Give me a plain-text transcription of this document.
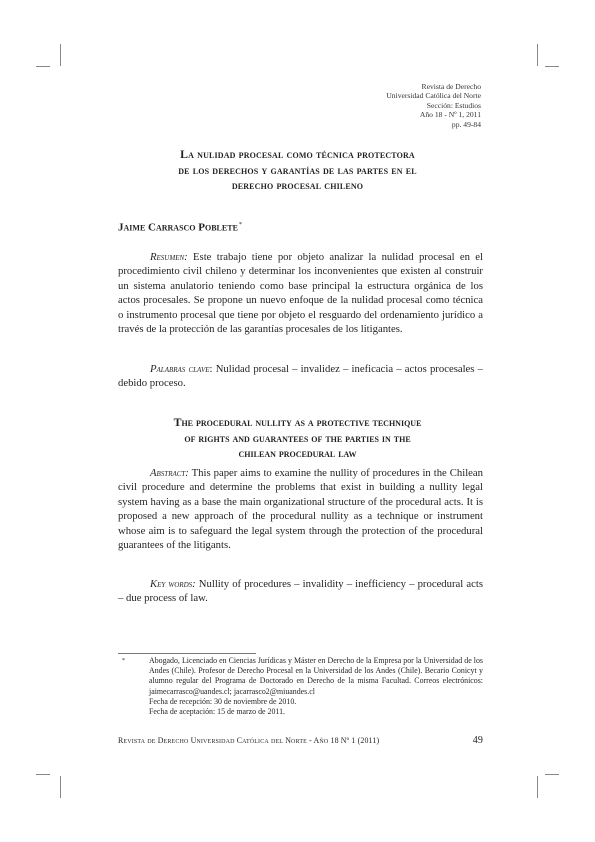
Revista de Derecho
Universidad Católica del Norte
Sección: Estudios
Año 18 - Nº 1, 2011
pp. 49-84
La nulidad procesal como técnica protectora
de los derechos y garantías de las partes en el
derecho procesal chileno
Jaime Carrasco Poblete*
Resumen: Este trabajo tiene por objeto analizar la nulidad procesal en el procedimiento civil chileno y determinar los inconvenientes que existen al construir un sistema anulatorio teniendo como base principal la estructura orgánica de los actos procesales. Se propone un nuevo enfoque de la nulidad procesal como técnica o instrumento procesal que tiene por objeto el resguardo del ordenamiento jurídico a través de la protección de las garantías procesales de los litigantes.
Palabras clave: Nulidad procesal – invalidez – ineficacia – actos procesales – debido proceso.
The procedural nullity as a protective technique
of rights and guarantees of the parties in the
chilean procedural law
Abstract: This paper aims to examine the nullity of procedures in the Chilean civil procedure and determine the problems that exist in building a nullity legal system having as a base the main organizational structure of the procedural acts. It is proposed a new approach of the procedural nullity as a technique or instrument whose aim is to safeguard the legal system through the protection of the procedural guarantees of the litigants.
Key words: Nullity of procedures – invalidity – inefficiency – procedural acts – due process of law.
*	Abogado, Licenciado en Ciencias Jurídicas y Máster en Derecho de la Empresa por la Universidad de los Andes (Chile). Profesor de Derecho Procesal en la Universidad de los Andes (Chile). Becario Conicyt y alumno regular del Programa de Doctorado en Derecho de la misma Facultad. Correos electrónicos: jaimecarrasco@uandes.cl; jacarrasco2@miuandes.cl
Fecha de recepción: 30 de noviembre de 2010.
Fecha de aceptación: 15 de marzo de 2011.
Revista de Derecho Universidad Católica del Norte - Año 18 Nº 1 (2011)	49
